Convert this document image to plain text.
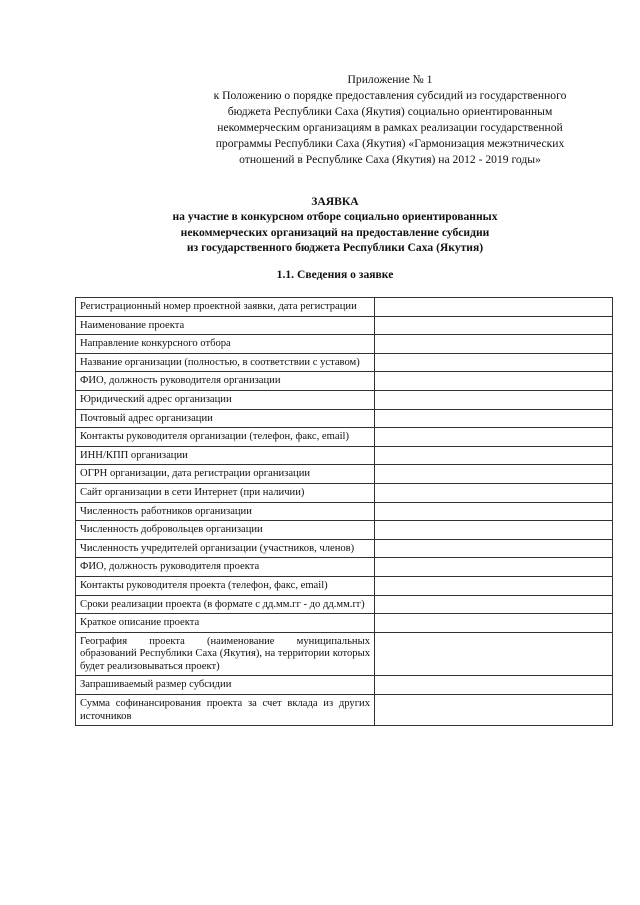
Приложение № 1
к Положению о порядке предоставления субсидий из государственного
бюджета Республики Саха (Якутия) социально ориентированным
некоммерческим организациям в рамках реализации государственной
программы Республики Саха (Якутия) «Гармонизация межэтнических
отношений в Республике Саха (Якутия) на 2012 - 2019 годы»
ЗАЯВКА
на участие в конкурсном отборе социально ориентированных
некоммерческих организаций на предоставление субсидии
из государственного бюджета Республики Саха (Якутия)
1.1. Сведения о заявке
Регистрационный номер проектной заявки, дата регистрации	
Наименование проекта	
Направление конкурсного отбора	
Название организации (полностью, в соответствии с уставом)	
ФИО, должность руководителя организации	
Юридический адрес организации	
Почтовый адрес организации	
Контакты руководителя организации (телефон, факс, email)	
ИНН/КПП организации	
ОГРН организации, дата регистрации организации	
Сайт организации в сети Интернет (при наличии)	
Численность работников организации	
Численность добровольцев организации	
Численность учредителей организации (участников, членов)	
ФИО, должность руководителя проекта	
Контакты руководителя проекта (телефон, факс, email)	
Сроки реализации проекта (в формате с дд.мм.гг - до дд.мм.гг)	
Краткое описание проекта	
География проекта (наименование муниципальных образований Республики Саха (Якутия), на территории которых будет реализовываться проект)	
Запрашиваемый размер субсидии	
Сумма софинансирования проекта за счет вклада из других источников	
